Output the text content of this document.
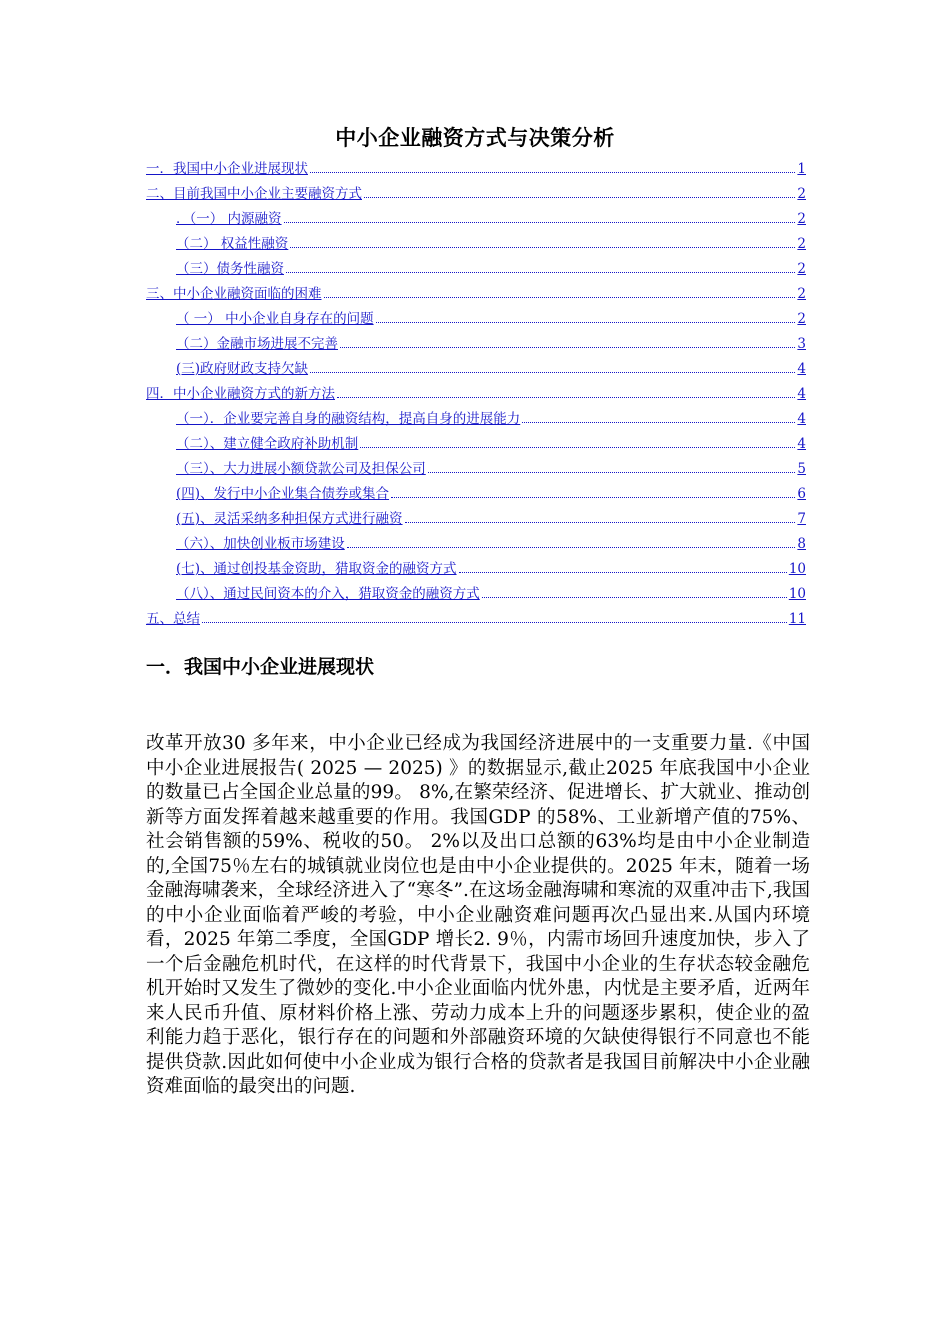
中小企业融资方式与决策分析
一．我国中小企业进展现状	1
二、目前我国中小企业主要融资方式	2
．（一） 内源融资	2
（二） 权益性融资	2
（三）债务性融资	2
三、中小企业融资面临的困难	2
（ 一） 中小企业自身存在的问题	2
（二）金融市场进展不完善	3
(三)政府财政支持欠缺	4
四．中小企业融资方式的新方法	4
（一）．企业要完善自身的融资结构，提高自身的进展能力	4
（二）、建立健全政府补助机制	4
（三）、大力进展小额贷款公司及担保公司	5
(四)、发行中小企业集合债券或集合	6
(五)、灵活采纳多种担保方式进行融资	7
（六）、加快创业板市场建设	8
(七)、通过创投基金资助，猎取资金的融资方式	10
（八）、通过民间资本的介入，猎取资金的融资方式	10
五、总结	11
一．我国中小企业进展现状

改革开放30 多年来，中小企业已经成为我国经济进展中的一支重要力量.《中国中小企业进展报告( 2025 — 2025) 》的数据显示,截止2025 年底我国中小企业的数量已占全国企业总量的99。 8%,在繁荣经济、促进增长、扩大就业、推动创新等方面发挥着越来越重要的作用。我国GDP 的58%、工业新增产值的75%、社会销售额的59%、税收的50。 2%以及出口总额的63%均是由中小企业制造的,全国75％左右的城镇就业岗位也是由中小企业提供的。2025 年末，随着一场金融海啸袭来，全球经济进入了“寒冬”.在这场金融海啸和寒流的双重冲击下,我国的中小企业面临着严峻的考验，中小企业融资难问题再次凸显出来.从国内环境看，2025 年第二季度，全国GDP 增长2. 9％，内需市场回升速度加快，步入了一个后金融危机时代，在这样的时代背景下，我国中小企业的生存状态较金融危机开始时又发生了微妙的变化.中小企业面临内忧外患，内忧是主要矛盾，近两年来人民币升值、原材料价格上涨、劳动力成本上升的问题逐步累积，使企业的盈利能力趋于恶化，银行存在的问题和外部融资环境的欠缺使得银行不同意也不能提供贷款.因此如何使中小企业成为银行合格的贷款者是我国目前解决中小企业融资难面临的最突出的问题.
